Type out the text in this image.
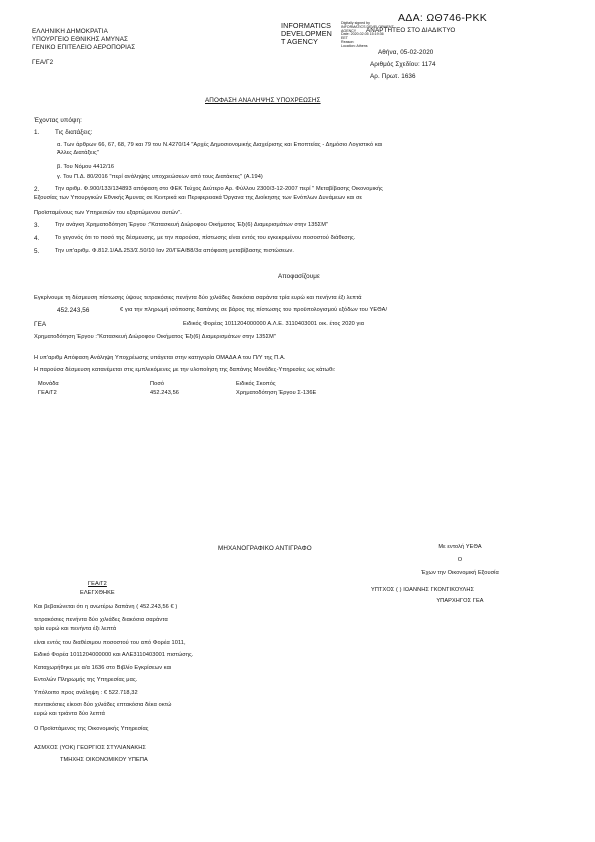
ΑΔΑ: ΩΘ746-ΡΚΚ
ΕΛΛΗΝΙΚΗ ΔΗΜΟΚΡΑΤΙΑ
ΥΠΟΥΡΓΕΙΟ ΕΘΝΙΚΗΣ ΑΜΥΝΑΣ
ΓΕΝΙΚΟ ΕΠΙΤΕΛΕΙΟ ΑΕΡΟΠΟΡΙΑΣ
ΓΕΑ/Γ2
INFORMATICS
DEVELOPMEN
T AGENCY
Digitally signed by
INFORMATICS DEVELOPMENT
AGENCY
Date: 2020.02.05 15:19:36
EET
Reason:
Location: Athens
ΑΝΑΡΤΗΤΕΟ ΣΤΟ ΔΙΑΔΙΚΤΥΟ
Αθήνα, 05-02-2020
Αριθμός Σχεδίου: 1174
Αρ. Πρωτ. 1636
ΑΠΟΦΑΣΗ ΑΝΑΛΗΨΗΣ ΥΠΟΧΡΕΩΣΗΣ
Έχοντας υπόψη:
1. Τις διατάξεις:
α. Των άρθρων 66, 67, 68, 79 και 79 του Ν.4270/14 "Αρχές Δημοσιονομικής Διαχείρισης και Εποπτείας - Δημόσιο Λογιστικό και
Άλλες Διατάξεις"
β. Του Νόμου 4412/16
γ. Του Π.Δ. 80/2016 "περί ανάληψης υποχρεώσεων από τους Διατάκτες" (Α.194)
2.	Την αριθμ. Φ.900/133/134893 απόφαση στο ΦΕΚ Τεύχος Δεύτερο Αρ. Φύλλου 2300/3-12-2007 περί " Μεταβίβασης Οικονομικής
Εξουσίας των Υπουργικών Εθνικής Άμυνας σε Κεντρικά και Περιφερειακά Όργανα της Διοίκησης των Ενόπλων Δυνάμεων και σε
Προϊσταμένους των Υπηρεσιών του εξαρτώμενου αυτών".
3.	Την ανάγκη Χρηματοδότηση Έργου :"Κατασκευή Διώροφου Οικήματος Έξι(6) Διαμερισμάτων στην 135ΣΜ"
4.	Το γεγονός ότι το ποσό της δέσμευσης, με την παρούσα, πίστωσης είναι εντός του εγκεκριμένου ποσοστού διάθεσης.
5.	Την υπ'αριθμ. Φ.812.1/ΑΔ.253/Σ.50/10 Ιαν 20/ΓΕΑ/Β8/3α απόφαση μεταβίβασης πιστώσεων.
Αποφασίζουμε
Εγκρίνουμε τη δέσμευση πίστωσης ύψους τετρακόσιες πενήντα δύο χιλιάδες διακόσια σαράντα τρία ευρώ και πενήντα έξι λεπτά
452.243,56	€ για την πληρωμή ισόποσης δαπάνης σε βάρος της πίστωσης του προϋπολογισμού εξόδων του ΥΕΘΑ/
ΓΕΑ	Ειδικός Φορέας 1011204000000 Α.Λ.Ε. 3110403001 οικ. έτος 2020 για
Χρηματοδότηση Έργου :"Κατασκευή Διώροφου Οικήματος Έξι(6) Διαμερισμάτων στην 135ΣΜ"
Η υπ'αριθμ Απόφαση Ανάληψη Υποχρέωσης υπάγεται στην κατηγορία ΟΜΑΔΑ Α του Π/Υ της Π.Α.
Η παρούσα δέσμευση κατανέμεται στις εμπλεκόμενες με την υλοποίηση της δαπάνης Μονάδες-Υπηρεσίες ως κάτωθι:
Μονάδα	Ποσό	Ειδικός Σκοπός
ΓΕΑ/Γ2	452.243,56	Χρηματοδότηση Έργου Σ-136Ε
ΜΗΧΑΝΟΓΡΑΦΙΚΟ ΑΝΤΙΓΡΑΦΟ	Με εντολή ΥΕΘΑ
Ο
Έχων την Οικονομική Εξουσία
ΥΠΤΧΟΣ ( ) ΙΩΑΝΝΗΣ ΓΚΟΝΤΙΚΟΥΛΗΣ
ΥΠΑΡΧΗΓΟΣ ΓΕΑ
ΓΕΑ/Γ2
ΕΛΕΓΧΘΗΚΕ
Και βεβαιώνεται ότι η ανωτέρω δαπάνη ( 452.243,56 € )
τετρακόσιες πενήντα δύο χιλιάδες διακόσια σαράντα
τρία ευρώ και πενήντα έξι λεπτά
είναι εντός του διαθέσιμου ποσοστού του από Φορέα 1011,
Ειδικό Φορέα 1011204000000 και ΑΛΕ3110403001 πιστώσης.
Καταχωρήθηκε με α/α 1636 στο Βιβλίο Εγκρίσεων και
Εντολών Πληρωμής της Υπηρεσίας μας.
Υπόλοιπο προς ανάληψη : € 522.718,32
πεντακόσιες είκοσι δύο χιλιάδες επτακόσια δέκα οκτώ
ευρώ και τριάντα δύο λεπτά
Ο Προϊστάμενος της Οικονομικής Υπηρεσίας
ΑΣΜΧΟΣ (ΥΟΚ) ΓΕΩΡΓΙΟΣ ΣΤΥΛΙΑΝΑΚΗΣ
ΤΜΗΧΗΣ ΟΙΚΟΝΟΜΙΚΟΥ ΥΠΕΠΑ
